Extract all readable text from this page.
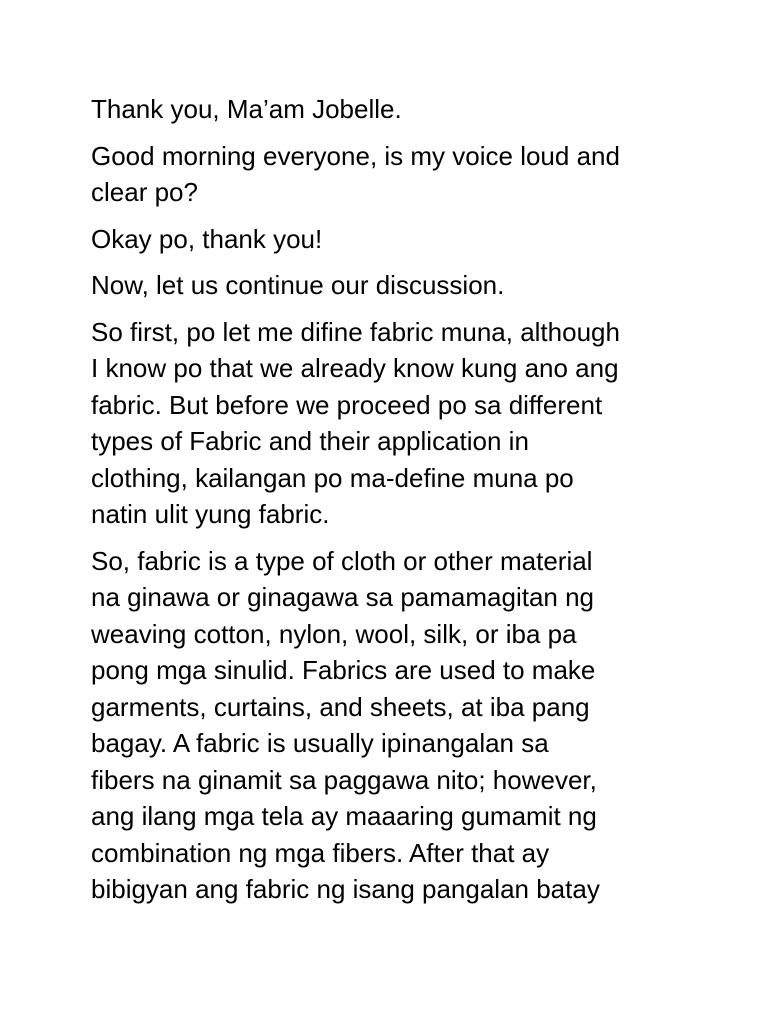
Thank you, Ma’am Jobelle.

Good morning everyone, is my voice loud and
clear po?

Okay po, thank you!

Now, let us continue our discussion.

So first, po let me difine fabric muna, although
I know po that we already know kung ano ang
fabric. But before we proceed po sa different
types of Fabric and their application in
clothing, kailangan po ma-define muna po
natin ulit yung fabric.

So, fabric is a type of cloth or other material
na ginawa or ginagawa sa pamamagitan ng
weaving cotton, nylon, wool, silk, or iba pa
pong mga sinulid. Fabrics are used to make
garments, curtains, and sheets, at iba pang
bagay. A fabric is usually ipinangalan sa
fibers na ginamit sa paggawa nito; however,
ang ilang mga tela ay maaaring gumamit ng
combination ng mga fibers. After that ay
bibigyan ang fabric ng isang pangalan batay
